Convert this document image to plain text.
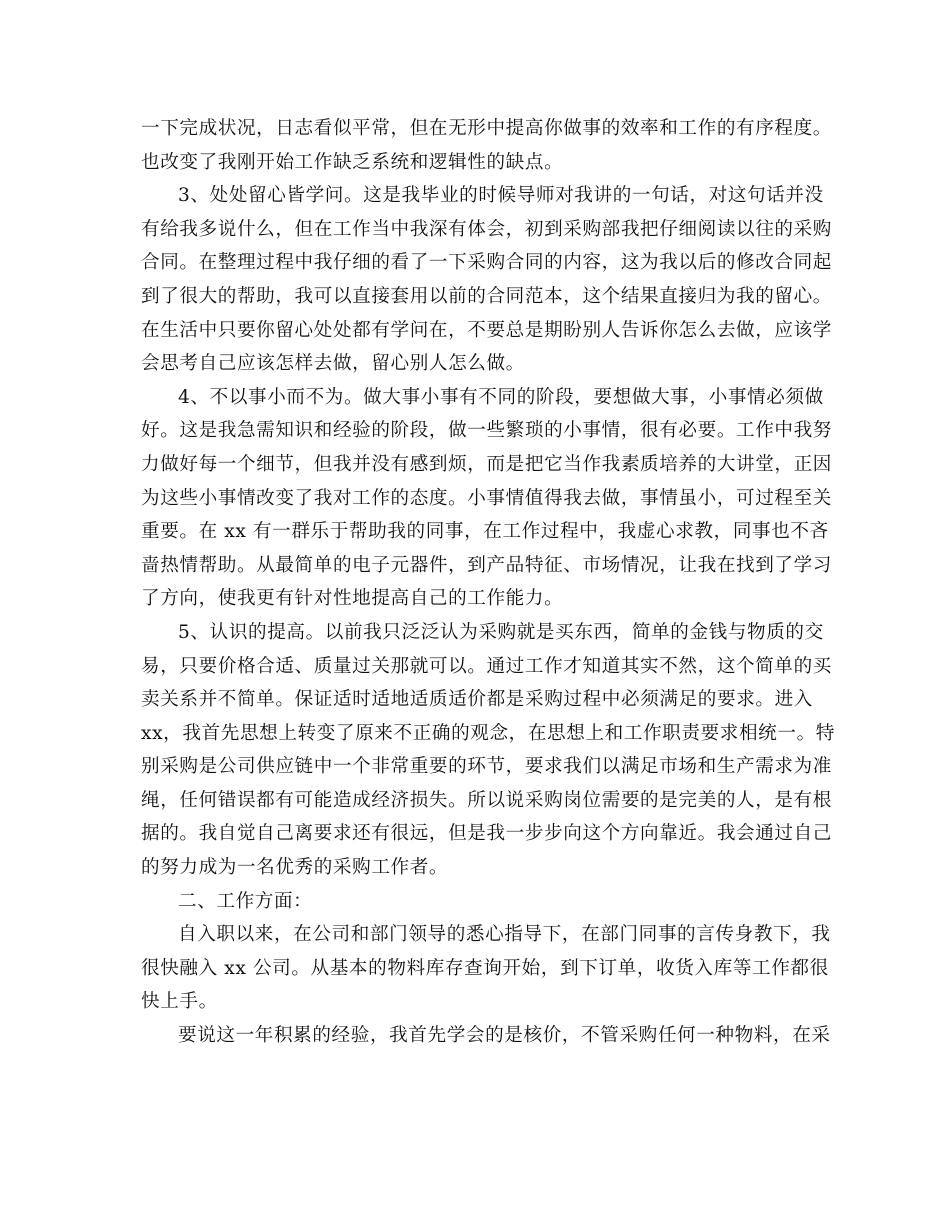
一下完成状况，日志看似平常，但在无形中提高你做事的效率和工作的有序程度。
也改变了我刚开始工作缺乏系统和逻辑性的缺点。
3、处处留心皆学问。这是我毕业的时候导师对我讲的一句话，对这句话并没
有给我多说什么，但在工作当中我深有体会，初到采购部我把仔细阅读以往的采购
合同。在整理过程中我仔细的看了一下采购合同的内容，这为我以后的修改合同起
到了很大的帮助，我可以直接套用以前的合同范本，这个结果直接归为我的留心。
在生活中只要你留心处处都有学问在，不要总是期盼别人告诉你怎么去做，应该学
会思考自己应该怎样去做，留心别人怎么做。
4、不以事小而不为。做大事小事有不同的阶段，要想做大事，小事情必须做
好。这是我急需知识和经验的阶段，做一些繁琐的小事情，很有必要。工作中我努
力做好每一个细节，但我并没有感到烦，而是把它当作我素质培养的大讲堂，正因
为这些小事情改变了我对工作的态度。小事情值得我去做，事情虽小，可过程至关
重要。在 xx 有一群乐于帮助我的同事，在工作过程中，我虚心求教，同事也不吝
啬热情帮助。从最简单的电子元器件，到产品特征、市场情况，让我在找到了学习
了方向，使我更有针对性地提高自己的工作能力。
5、认识的提高。以前我只泛泛认为采购就是买东西，简单的金钱与物质的交
易，只要价格合适、质量过关那就可以。通过工作才知道其实不然，这个简单的买
卖关系并不简单。保证适时适地适质适价都是采购过程中必须满足的要求。进入
xx，我首先思想上转变了原来不正确的观念，在思想上和工作职责要求相统一。特
别采购是公司供应链中一个非常重要的环节，要求我们以满足市场和生产需求为准
绳，任何错误都有可能造成经济损失。所以说采购岗位需要的是完美的人，是有根
据的。我自觉自己离要求还有很远，但是我一步步向这个方向靠近。我会通过自己
的努力成为一名优秀的采购工作者。
二、工作方面：
自入职以来，在公司和部门领导的悉心指导下，在部门同事的言传身教下，我
很快融入 xx 公司。从基本的物料库存查询开始，到下订单，收货入库等工作都很
快上手。
要说这一年积累的经验，我首先学会的是核价，不管采购任何一种物料，在采
